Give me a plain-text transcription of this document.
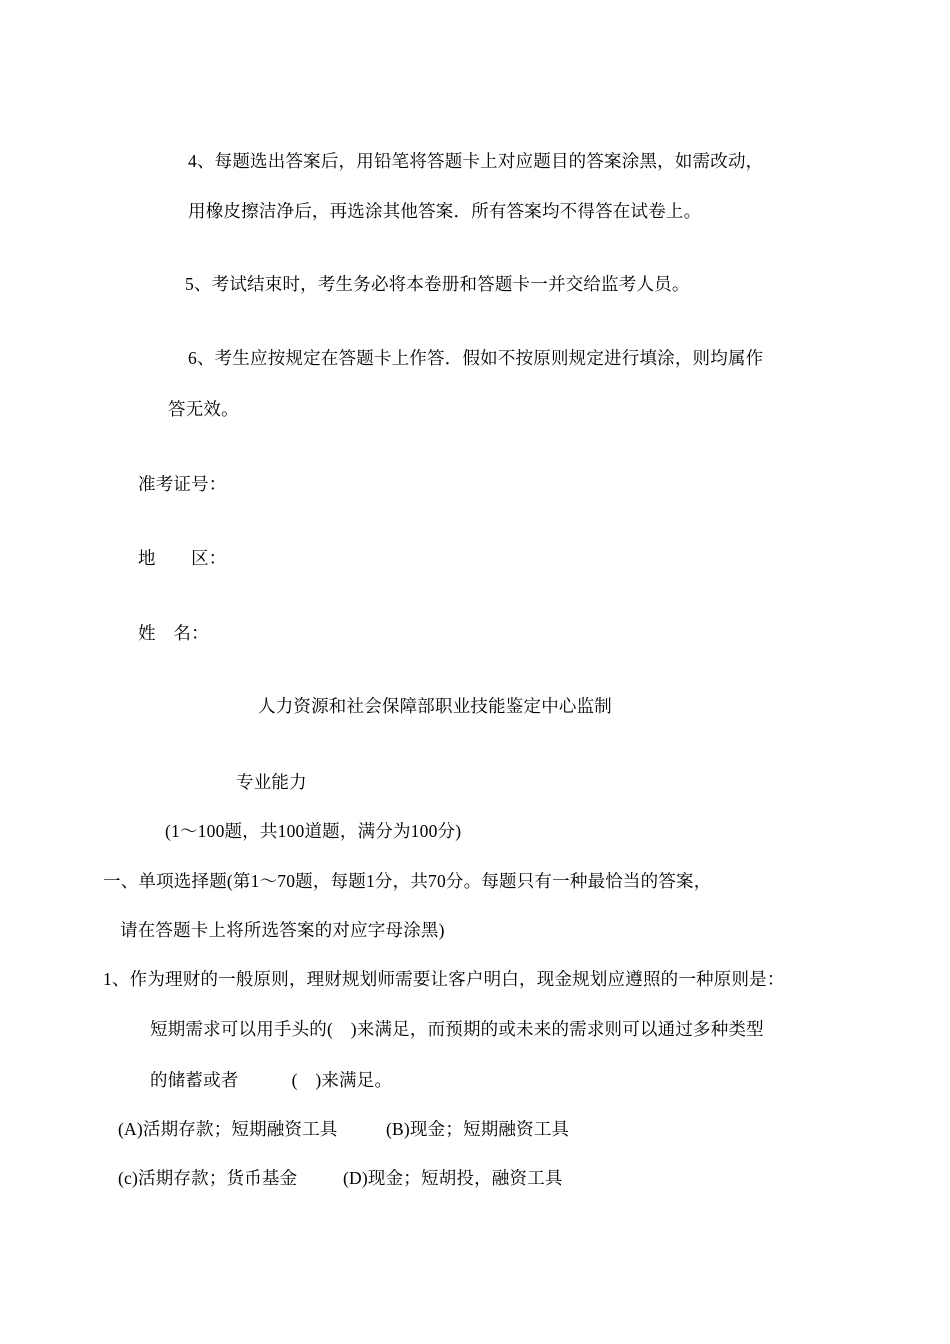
4、每题选出答案后，用铅笔将答题卡上对应题目的答案涂黑，如需改动，
用橡皮擦洁净后，再选涂其他答案．所有答案均不得答在试卷上。
5、考试结束时，考生务必将本卷册和答题卡一并交给监考人员。
6、考生应按规定在答题卡上作答．假如不按原则规定进行填涂，则均属作
答无效。
准考证号：
地　　区：
姓　名：
人力资源和社会保障部职业技能鉴定中心监制
专业能力
(1～100题，共100道题，满分为100分)
一、单项选择题(第1～70题，每题1分，共70分。每题只有一种最恰当的答案，
请在答题卡上将所选答案的对应字母涂黑)
1、作为理财的一般原则，理财规划师需要让客户明白，现金规划应遵照的一种原则是：
短期需求可以用手头的(　)来满足，而预期的或未来的需求则可以通过多种类型
的储蓄或者　　　(　)来满足。
(A)活期存款；短期融资工具	(B)现金；短期融资工具
(c)活期存款；货币基金	(D)现金；短胡投，融资工具
